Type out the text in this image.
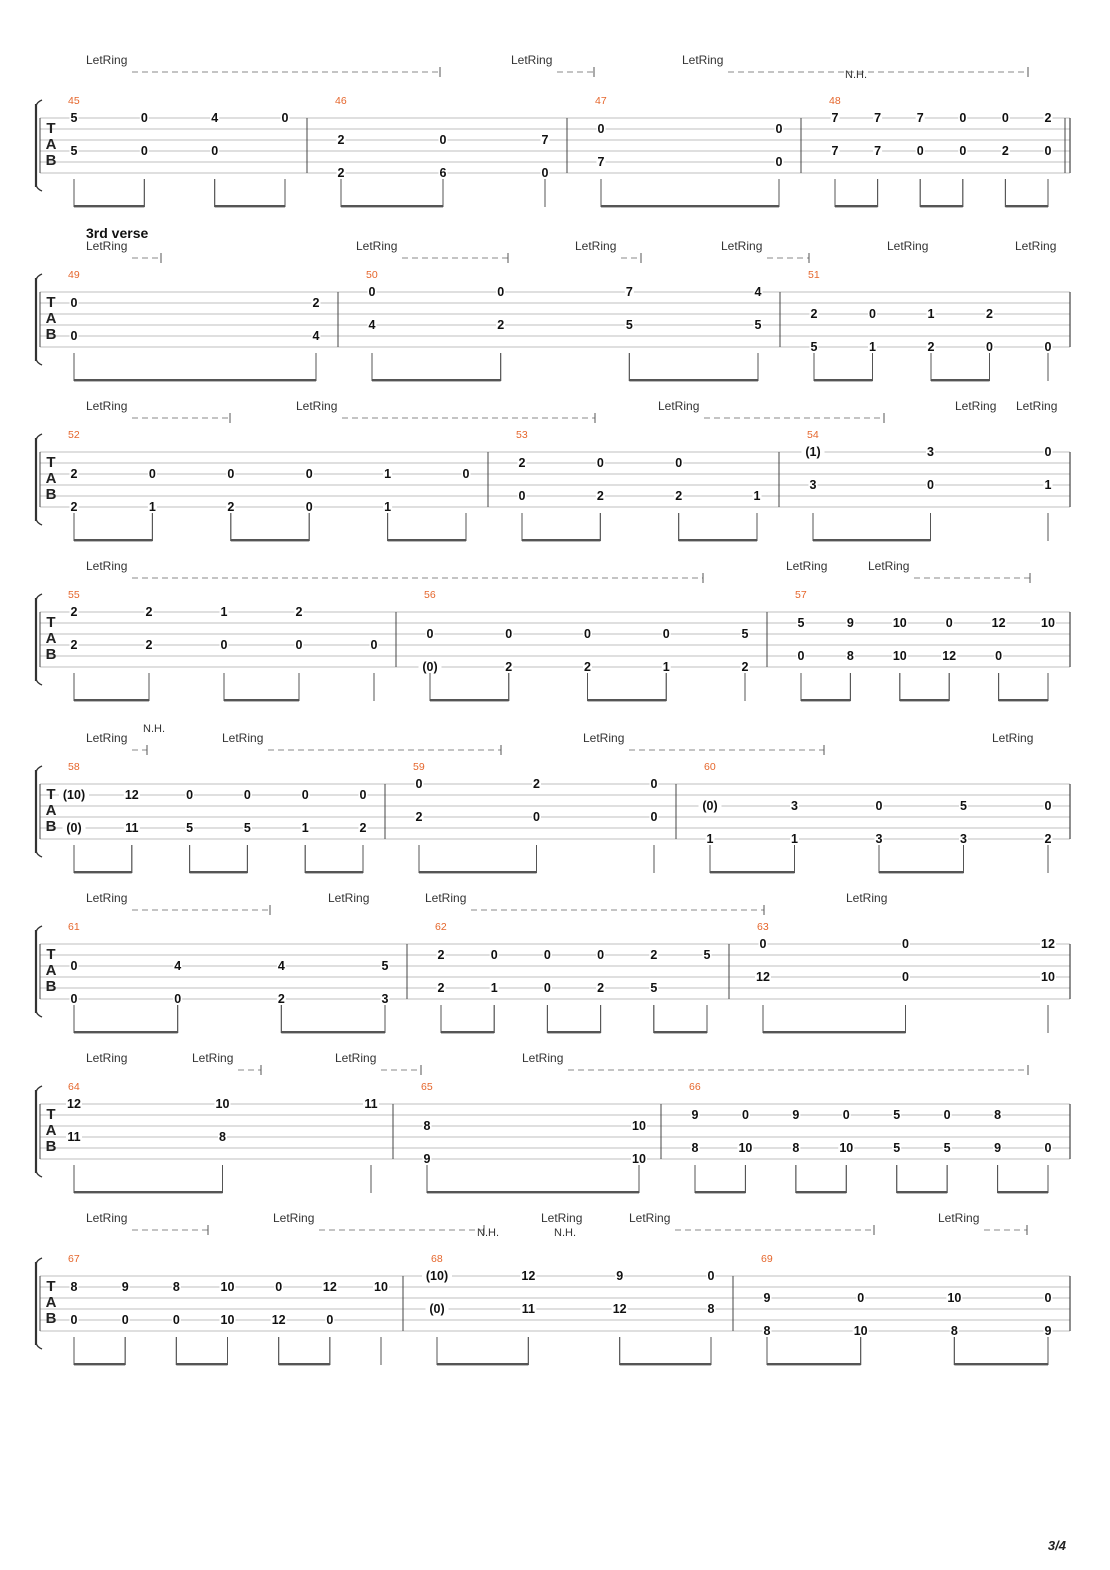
T
A
B
45	46	47	48
LetRing	LetRing	LetRing
N.H.
5
5
0
0
4
0
0
2
2
0
6
7
0
7
0
0
0
7
7
7
7
7
0
0
0
0
2
2
0
3rd verse
T
A
B
49	50	51
LetRing	LetRing	LetRing	LetRing	LetRing	LetRing
0
0
2
4
4
0
2
0
5
7
5
4
5
2
1
0
2
1
0
2
0
T
A
B
52	53	54
LetRing	LetRing	LetRing	LetRing LetRing
2
2
0
1
0
2
0
0
1
1
0
0
2
2
0
2
0
1
(1)
3
3
0
0
1
T
A
B
55	56	57
LetRing	LetRing	LetRing
2
2
2
2
0
1
0
2
0
(0)
0
2
0
2
0
1
0
2
5
5
0
9
8
10
10
0
12
12
0
10
T
A
B
58	59	60
LetRing	LetRing	LetRing	LetRing
N.H.
(0)
(10)
11
12
5
0
5
0
1
0
2
0
0
2
2
0
0
0
(0)
1
3
1
0
3
5
3
0
2
T
A
B
61	62	63
LetRing	LetRing	LetRing	LetRing
0
0
0
4
2
4
3
5
2
2
0
1
0
0
0
2
2
5
5
12
0
0
0
10
12
T
A
B
64	65	66
LetRing	LetRing	LetRing	LetRing
12
11
10
8
11
8
9
10
10
8
9
10
0
8
9
10
0
5
5
5
0
9
8
0
T
A
B
67	68	69
LetRing	LetRing	LetRing	LetRing	LetRing
N.H.	N.H.
8
0
9
0
8
0
10
10
0
12
12
0
10
(0)
(10)
11
12
12
9
8
0
8
9
10
0
8
10
9
0
3/4
